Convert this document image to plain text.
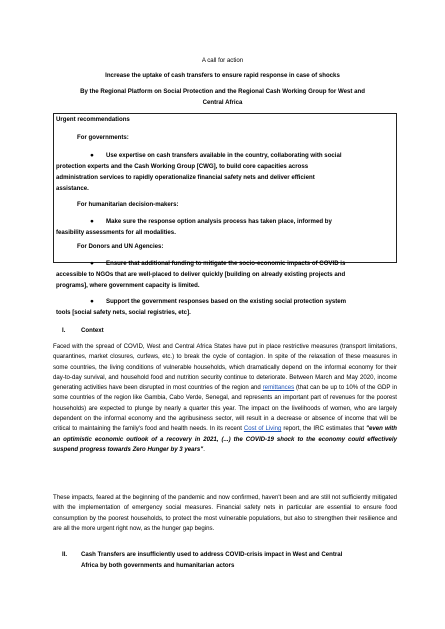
A call for action
Increase the uptake of cash transfers to ensure rapid response in case of shocks
By the Regional Platform on Social Protection and the Regional Cash Working Group for West and
Central Africa
Urgent recommendations
For governments:
● Use expertise on cash transfers available in the country, collaborating with social
protection experts and the Cash Working Group [CWG], to build core capacities across
administration services to rapidly operationalize financial safety nets and deliver efficient
assistance.
For humanitarian decision-makers:
● Make sure the response option analysis process has taken place, informed by
feasibility assessments for all modalities.
For Donors and UN Agencies:
● Ensure that additional funding to mitigate the socio-economic impacts of COVID is
accessible to NGOs that are well-placed to deliver quickly [building on already existing projects and
programs], where government capacity is limited.
● Support the government responses based on the existing social protection system
tools [social safety nets, social registries, etc].
I.	Context

Faced with the spread of COVID, West and Central Africa States have put in place restrictive measures (transport limitations, quarantines, market closures, curfews, etc.) to break the cycle of contagion. In spite of the relaxation of these measures in some countries, the living conditions of vulnerable households, which dramatically depend on the informal economy for their day-to-day survival, and household food and nutrition security continue to deteriorate. Between March and May 2020, income generating activities have been disrupted in most countries of the region and remittances (that can be up to 10% of the GDP in some countries of the region like Gambia, Cabo Verde, Senegal, and represents an important part of revenues for the poorest households) are expected to plunge by nearly a quarter this year. The impact on the livelihoods of women, who are largely dependent on the informal economy and the agribusiness sector, will result in a decrease or absence of income that will be critical to maintaining the family's food and health needs. In its recent Cost of Living report, the IRC estimates that "even with an optimistic economic outlook of a recovery in 2021, (...) the COVID-19 shock to the economy could effectively suspend progress towards Zero Hunger by 3 years".

These impacts, feared at the beginning of the pandemic and now confirmed, haven't been and are still not sufficiently mitigated with the implementation of emergency social measures. Financial safety nets in particular are essential to ensure food consumption by the poorest households, to protect the most vulnerable populations, but also to strengthen their resilience and are all the more urgent right now, as the hunger gap begins.

II. Cash Transfers are insufficiently used to address COVID-crisis impact in West and Central
Africa by both governments and humanitarian actors
